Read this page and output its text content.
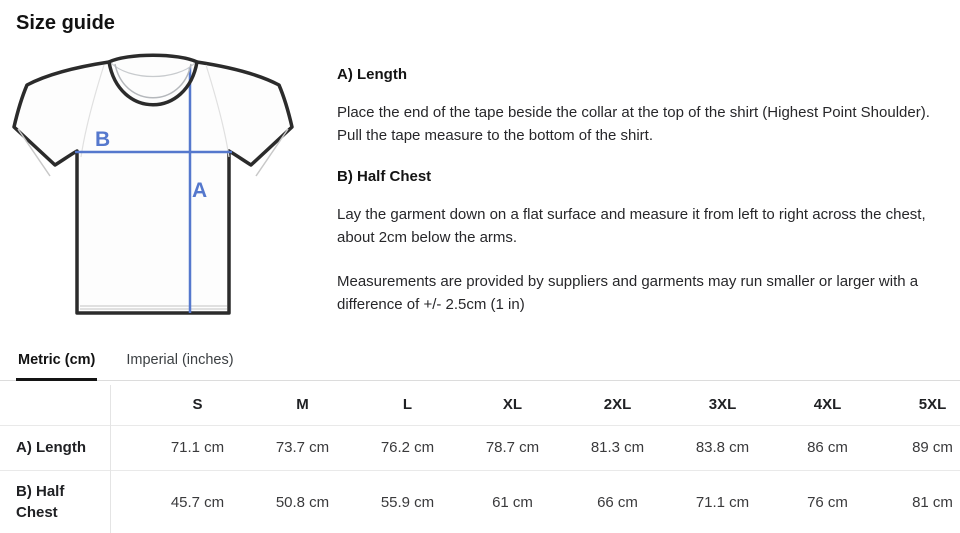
Size guide
B
A
A) Length

Place the end of the tape beside the collar at the top of the shirt (Highest Point Shoulder). Pull the tape measure to the bottom of the shirt.

B) Half Chest

Lay the garment down on a flat surface and measure it from left to right across the chest, about 2cm below the arms.

Measurements are provided by suppliers and garments may run smaller or larger with a difference of +/- 2.5cm (1 in)

Metric (cm) Imperial (inches)
	S	M	L	XL	2XL	3XL	4XL	5XL
A) Length	71.1 cm	73.7 cm	76.2 cm	78.7 cm	81.3 cm	83.8 cm	86 cm	89 cm
B) Half Chest	45.7 cm	50.8 cm	55.9 cm	61 cm	66 cm	71.1 cm	76 cm	81 cm
